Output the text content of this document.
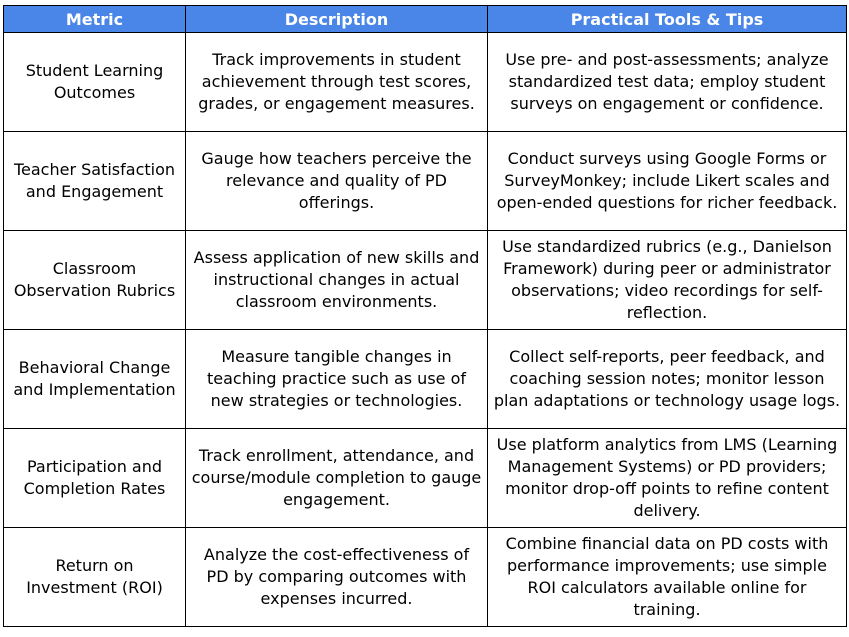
Metric	Description	Practical Tools & Tips
Student Learning Outcomes	Track improvements in student achievement through test scores, grades, or engagement measures.	Use pre- and post-assessments; analyze standardized test data; employ student surveys on engagement or confidence.
Teacher Satisfaction and Engagement	Gauge how teachers perceive the relevance and quality of PD offerings.	Conduct surveys using Google Forms or SurveyMonkey; include Likert scales and open-ended questions for richer feedback.
Classroom Observation Rubrics	Assess application of new skills and instructional changes in actual classroom environments.	Use standardized rubrics (e.g., Danielson Framework) during peer or administrator observations; video recordings for self-reflection.
Behavioral Change and Implementation	Measure tangible changes in teaching practice such as use of new strategies or technologies.	Collect self-reports, peer feedback, and coaching session notes; monitor lesson plan adaptations or technology usage logs.
Participation and Completion Rates	Track enrollment, attendance, and course/module completion to gauge engagement.	Use platform analytics from LMS (Learning Management Systems) or PD providers; monitor drop-off points to refine content delivery.
Return on Investment (ROI)	Analyze the cost-effectiveness of PD by comparing outcomes with expenses incurred.	Combine financial data on PD costs with performance improvements; use simple ROI calculators available online for training.
